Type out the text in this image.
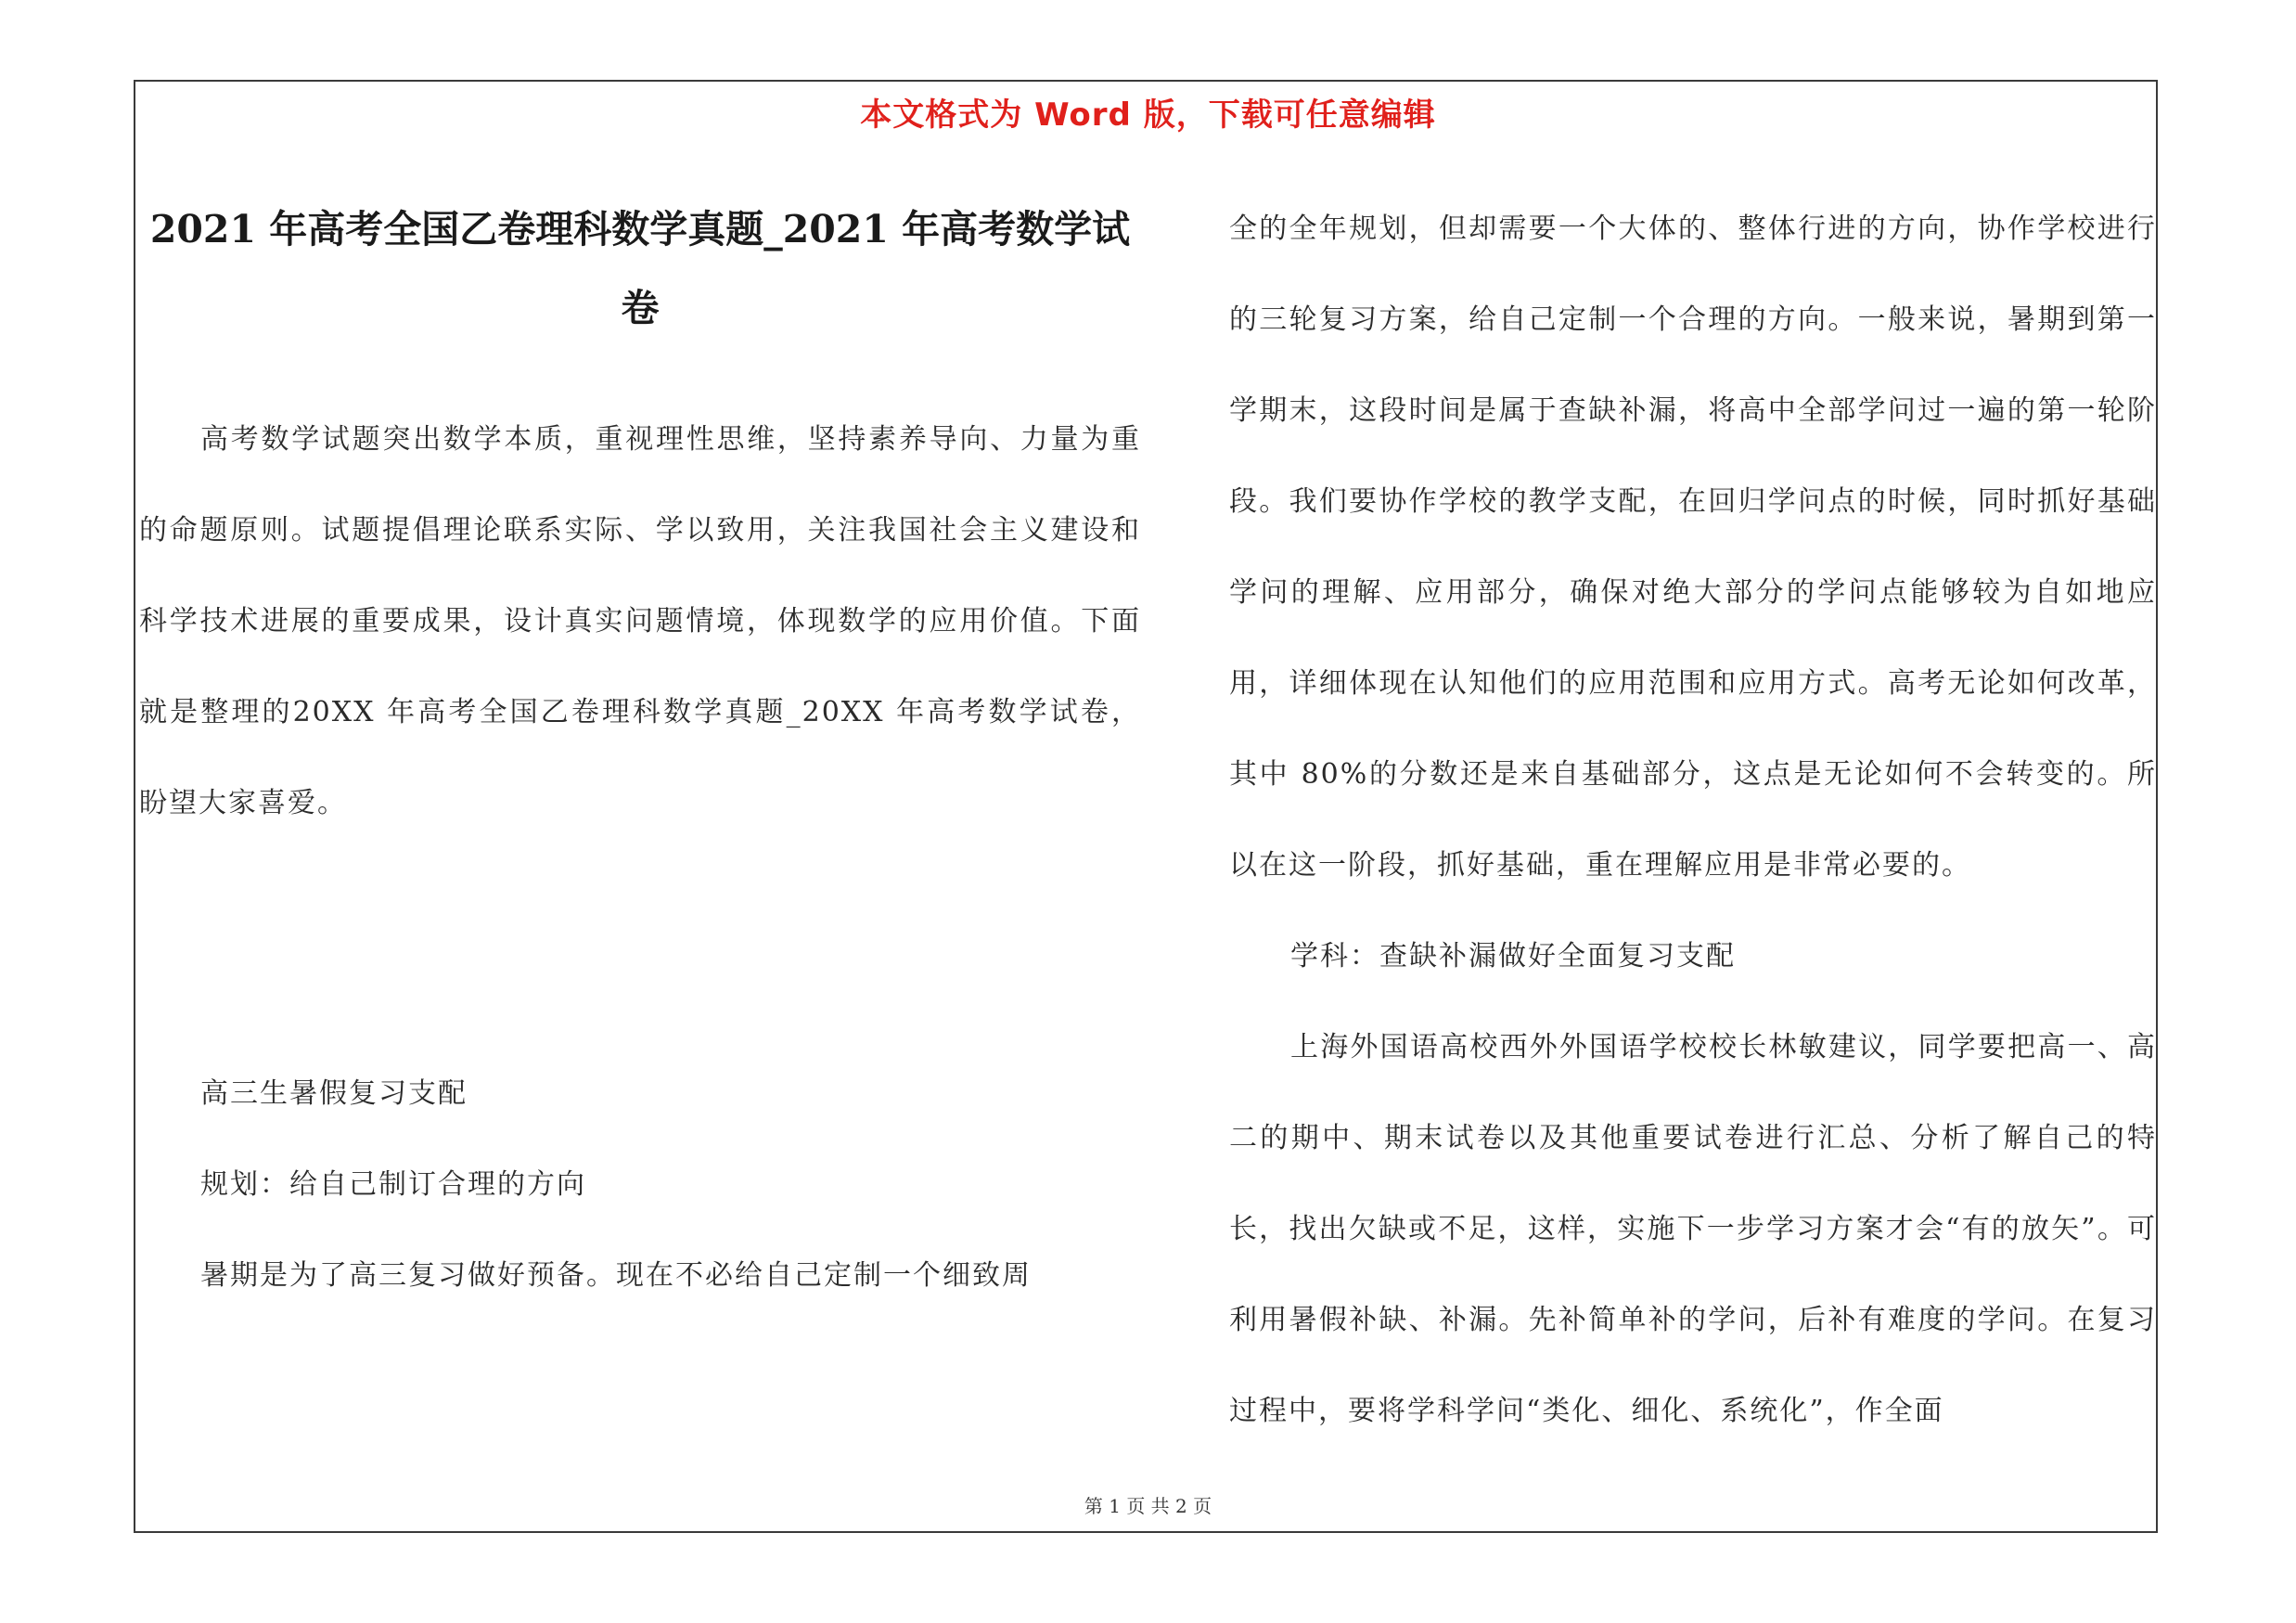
本文格式为 Word 版，下载可任意编辑
2021 年高考全国乙卷理科数学真题_2021 年高考数学试卷

高考数学试题突出数学本质，重视理性思维，坚持素养导向、力量为重的命题原则。试题提倡理论联系实际、学以致用，关注我国社会主义建设和科学技术进展的重要成果，设计真实问题情境，体现数学的应用价值。下面就是整理的20XX 年高考全国乙卷理科数学真题_20XX 年高考数学试卷，盼望大家喜爱。

高三生暑假复习支配

规划：给自己制订合理的方向

暑期是为了高三复习做好预备。现在不必给自己定制一个细致周

全的全年规划，但却需要一个大体的、整体行进的方向，协作学校进行的三轮复习方案，给自己定制一个合理的方向。一般来说，暑期到第一学期末，这段时间是属于查缺补漏，将高中全部学问过一遍的第一轮阶段。我们要协作学校的教学支配，在回归学问点的时候，同时抓好基础学问的理解、应用部分，确保对绝大部分的学问点能够较为自如地应用，详细体现在认知他们的应用范围和应用方式。高考无论如何改革，其中 80%的分数还是来自基础部分，这点是无论如何不会转变的。所以在这一阶段，抓好基础，重在理解应用是非常必要的。

学科：查缺补漏做好全面复习支配

上海外国语高校西外外国语学校校长林敏建议，同学要把高一、高二的期中、期末试卷以及其他重要试卷进行汇总、分析了解自己的特长，找出欠缺或不足，这样，实施下一步学习方案才会“有的放矢”。可利用暑假补缺、补漏。先补简单补的学问，后补有难度的学问。在复习过程中，要将学科学问“类化、细化、系统化”，作全面

第 1 页 共 2 页
